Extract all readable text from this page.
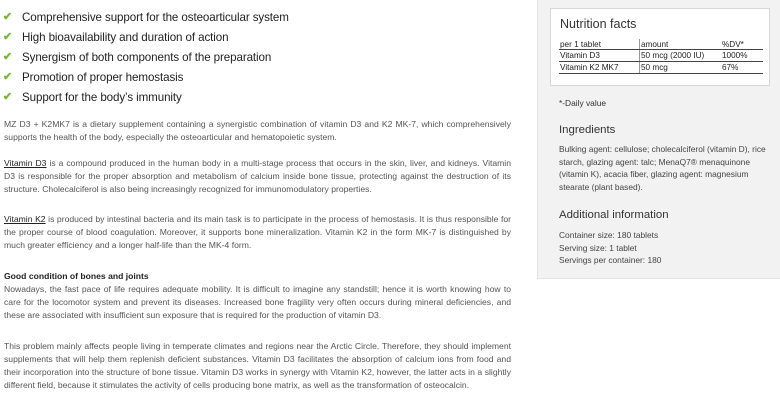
✔ Comprehensive support for the osteoarticular system
✔ High bioavailability and duration of action
✔ Synergism of both components of the preparation
✔ Promotion of proper hemostasis
✔ Support for the body’s immunity

MZ D3 + K2MK7 is a dietary supplement containing a synergistic combination of vitamin D3 and K2 MK-7, which comprehensively supports the health of the body, especially the osteoarticular and hematopoietic system.

Vitamin D3 is a compound produced in the human body in a multi-stage process that occurs in the skin, liver, and kidneys. Vitamin D3 is responsible for the proper absorption and metabolism of calcium inside bone tissue, protecting against the destruction of its structure. Cholecalciferol is also being increasingly recognized for immunomodulatory properties.

Vitamin K2 is produced by intestinal bacteria and its main task is to participate in the process of hemostasis. It is thus responsible for the proper course of blood coagulation. Moreover, it supports bone mineralization. Vitamin K2 in the form MK-7 is distinguished by much greater efficiency and a longer half-life than the MK-4 form.

Good condition of bones and joints
Nowadays, the fast pace of life requires adequate mobility. It is difficult to imagine any standstill; hence it is worth knowing how to care for the locomotor system and prevent its diseases. Increased bone fragility very often occurs during mineral deficiencies, and these are associated with insufficient sun exposure that is required for the production of vitamin D3.

This problem mainly affects people living in temperate climates and regions near the Arctic Circle. Therefore, they should implement supplements that will help them replenish deficient substances. Vitamin D3 facilitates the absorption of calcium ions from food and their incorporation into the structure of bone tissue. Vitamin D3 works in synergy with Vitamin K2, however, the latter acts in a slightly different field, because it stimulates the activity of cells producing bone matrix, as well as the transformation of osteocalcin.

Nutrition facts
per 1 tablet	amount	%DV*
Vitamin D3	50 mcg (2000 IU)	1000%
Vitamin K2 MK7	50 mcg	67%
*-Daily value
Ingredients
Bulking agent: cellulose; cholecalciferol (vitamin D), rice starch, glazing agent: talc; MenaQ7® menaquinone (vitamin K), acacia fiber, glazing agent: magnesium stearate (plant based).
Additional information
Container size: 180 tablets
Serving size: 1 tablet
Servings per container: 180
